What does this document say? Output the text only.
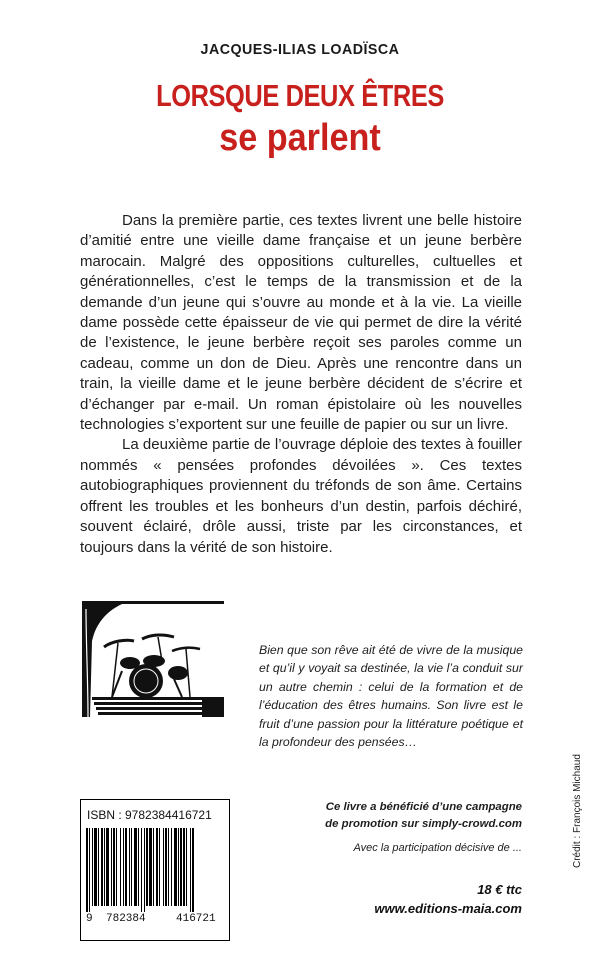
JACQUES-ILIAS LOADÏSCA
LORSQUE DEUX ÊTRES
se parlent

Dans la première partie, ces textes livrent une belle histoire d’amitié entre une vieille dame française et un jeune berbère marocain. Malgré des oppositions culturelles, cultuelles et générationnelles, c’est le temps de la transmission et de la demande d’un jeune qui s’ouvre au monde et à la vie. La vieille dame possède cette épaisseur de vie qui permet de dire la vérité de l’existence, le jeune berbère reçoit ses paroles comme un cadeau, comme un don de Dieu. Après une rencontre dans un train, la vieille dame et le jeune berbère décident de s’écrire et d’échanger par e-mail. Un roman épistolaire où les nouvelles technologies s’exportent sur une feuille de papier ou sur un livre.

La deuxième partie de l’ouvrage déploie des textes à fouiller nommés « pensées profondes dévoilées ». Ces textes autobiographiques proviennent du tréfonds de son âme. Certains offrent les troubles et les bonheurs d’un destin, parfois déchiré, souvent éclairé, drôle aussi, triste par les circonstances, et toujours dans la vérité de son histoire.

Bien que son rêve ait été de vivre de la musique et qu’il y voyait sa destinée, la vie l’a conduit sur un autre chemin : celui de la formation et de l’éducation des êtres humains. Son livre est le fruit d’une passion pour la littérature poétique et la profondeur des pensées…
ISBN : 9782384416721
9 782384	416721
Ce livre a bénéficié d’une campagne
de promotion sur simply-crowd.com
Avec la participation décisive de ...
18 € ttc
www.editions-maia.com
Crédit : François Michaud
